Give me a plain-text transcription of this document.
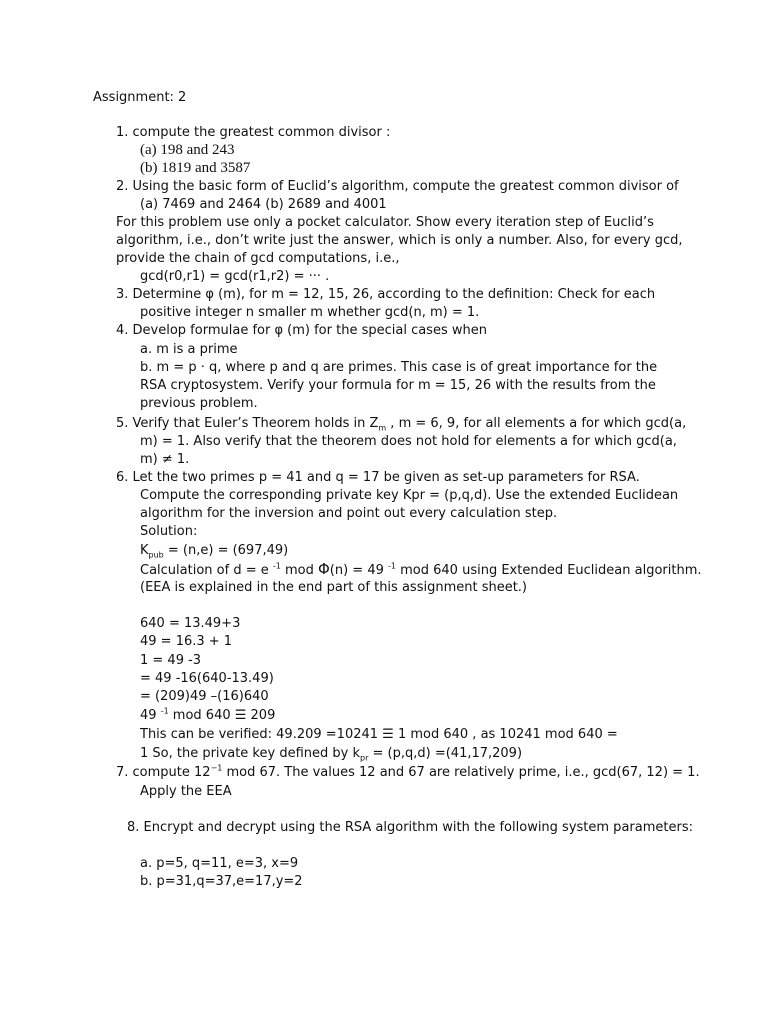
Assignment: 2
1. compute the greatest common divisor :
(a) 198 and 243
(b) 1819 and 3587
2. Using the basic form of Euclid’s algorithm, compute the greatest common divisor of
(a) 7469 and 2464 (b) 2689 and 4001
For this problem use only a pocket calculator. Show every iteration step of Euclid’s
algorithm, i.e., don’t write just the answer, which is only a number. Also, for every gcd,
provide the chain of gcd computations, i.e.,
gcd(r0,r1) = gcd(r1,r2) = ··· .
3. Determine φ (m), for m = 12, 15, 26, according to the definition: Check for each
positive integer n smaller m whether gcd(n, m) = 1.
4. Develop formulae for φ (m) for the special cases when
a. m is a prime
b. m = p · q, where p and q are primes. This case is of great importance for the
RSA cryptosystem. Verify your formula for m = 15, 26 with the results from the
previous problem.
5. Verify that Euler’s Theorem holds in $Z_m$ , m = 6, 9, for all elements a for which gcd(a,
m) = 1. Also verify that the theorem does not hold for elements a for which gcd(a,
m) ≠ 1.
6. Let the two primes p = 41 and q = 17 be given as set-up parameters for RSA.
Compute the corresponding private key Kpr = (p,q,d). Use the extended Euclidean
algorithm for the inversion and point out every calculation step.
Solution:
$K_{pub} = (n,e) = (697,49)$
Calculation of d = e $^{-1}$ mod Φ(n) = 49 $^{-1}$ mod 640 using Extended Euclidean algorithm.
(EEA is explained in the end part of this assignment sheet.)
640 = 13.49+3
49 = 16.3 + 1
1 = 49 -3
= 49 -16(640-13.49)
= (209)49 –(16)640
49 $^{-1}$ mod 640 ☰ 209
This can be verified: 49.209 =10241 ☰ 1 mod 640 , as 10241 mod 640 =
1 So, the private key defined by $k_{pr} = (p,q,d) =(41,17,209)$
7. compute $12^{-1}$ mod 67. The values 12 and 67 are relatively prime, i.e., gcd(67, 12) = 1.
Apply the EEA
8. Encrypt and decrypt using the RSA algorithm with the following system parameters:
a. p=5, q=11, e=3, x=9
b. p=31,q=37,e=17,y=2
